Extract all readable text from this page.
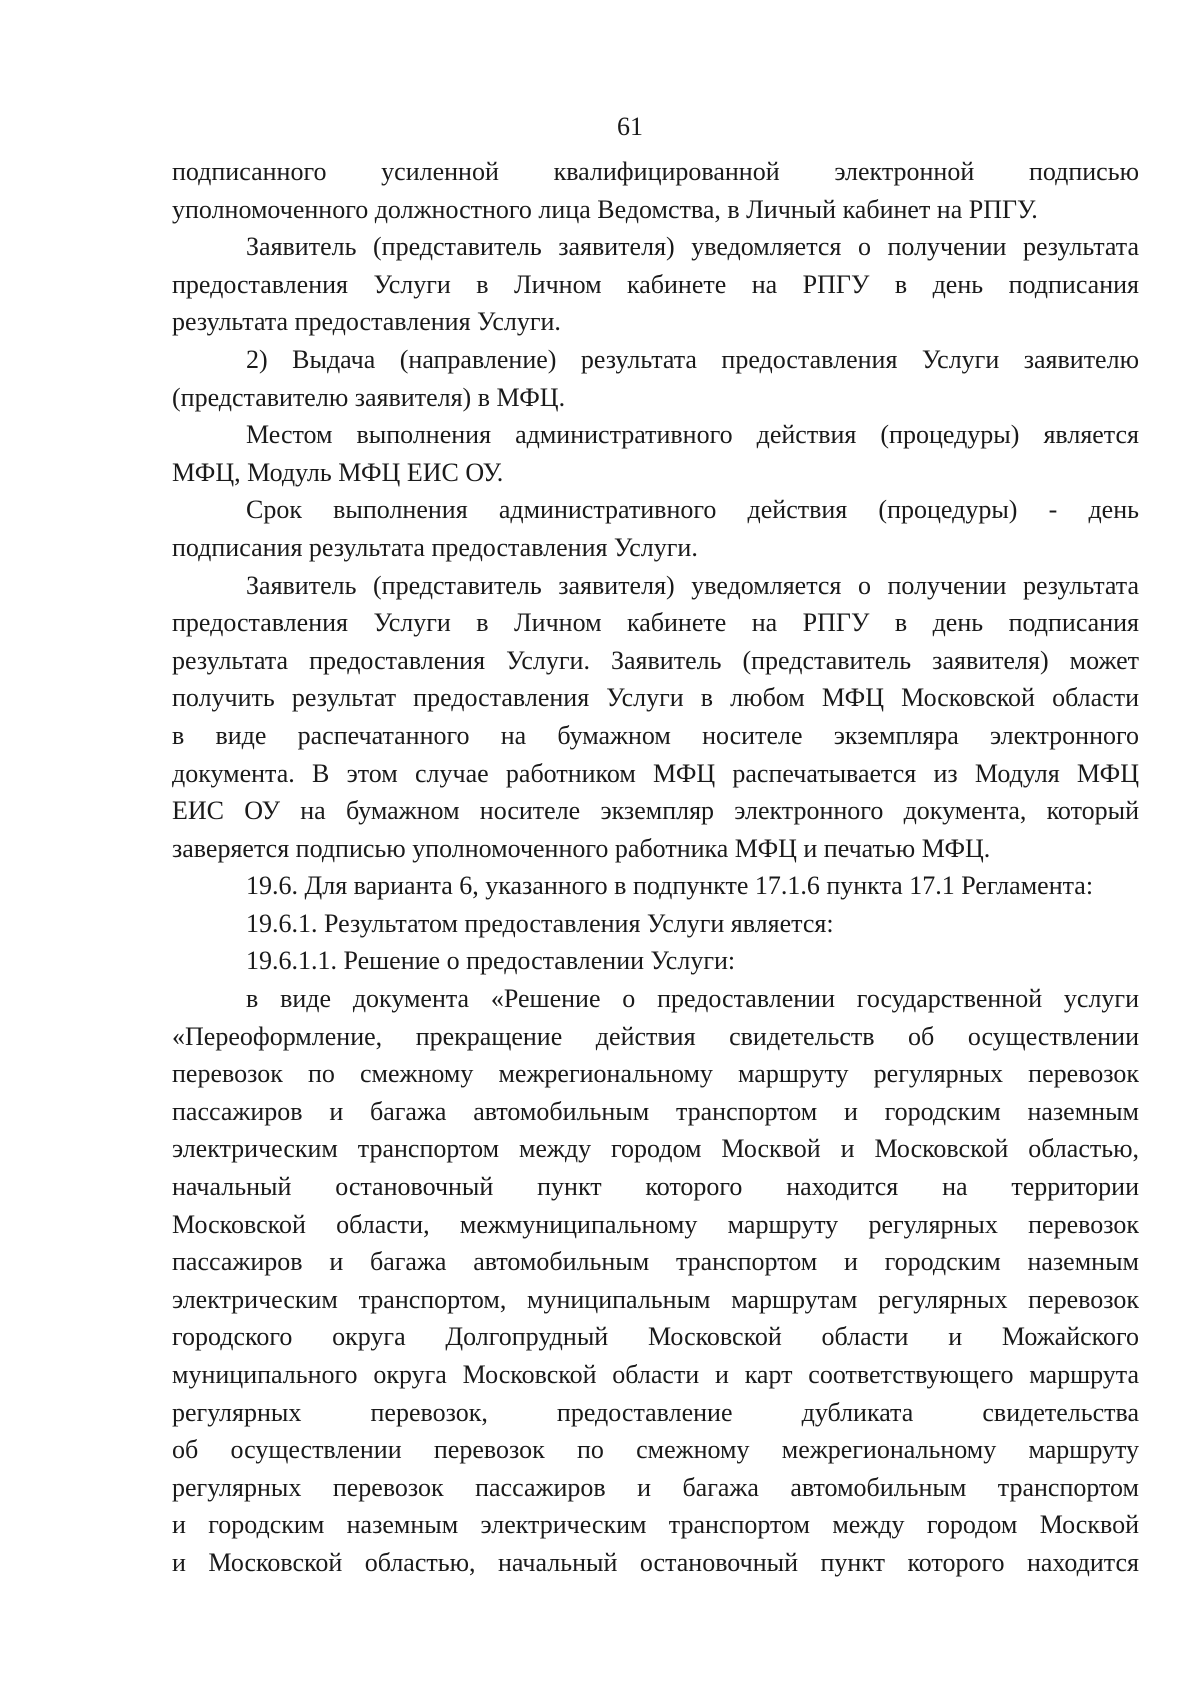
61
подписанного усиленной квалифицированной электронной подписью
уполномоченного должностного лица Ведомства, в Личный кабинет на РПГУ.
Заявитель (представитель заявителя) уведомляется о получении результата
предоставления Услуги в Личном кабинете на РПГУ в день подписания
результата предоставления Услуги.
2) Выдача (направление) результата предоставления Услуги заявителю
(представителю заявителя) в МФЦ.
Местом выполнения административного действия (процедуры) является
МФЦ, Модуль МФЦ ЕИС ОУ.
Срок выполнения административного действия (процедуры) - день
подписания результата предоставления Услуги.
Заявитель (представитель заявителя) уведомляется о получении результата
предоставления Услуги в Личном кабинете на РПГУ в день подписания
результата предоставления Услуги. Заявитель (представитель заявителя) может
получить результат предоставления Услуги в любом МФЦ Московской области
в виде распечатанного на бумажном носителе экземпляра электронного
документа. В этом случае работником МФЦ распечатывается из Модуля МФЦ
ЕИС ОУ на бумажном носителе экземпляр электронного документа, который
заверяется подписью уполномоченного работника МФЦ и печатью МФЦ.
19.6. Для варианта 6, указанного в подпункте 17.1.6 пункта 17.1 Регламента:
19.6.1. Результатом предоставления Услуги является:
19.6.1.1. Решение о предоставлении Услуги:
в виде документа «Решение о предоставлении государственной услуги
«Переоформление, прекращение действия свидетельств об осуществлении
перевозок по смежному межрегиональному маршруту регулярных перевозок
пассажиров и багажа автомобильным транспортом и городским наземным
электрическим транспортом между городом Москвой и Московской областью,
начальный остановочный пункт которого находится на территории
Московской области, межмуниципальному маршруту регулярных перевозок
пассажиров и багажа автомобильным транспортом и городским наземным
электрическим транспортом, муниципальным маршрутам регулярных перевозок
городского округа Долгопрудный Московской области и Можайского
муниципального округа Московской области и карт соответствующего маршрута
регулярных перевозок, предоставление дубликата свидетельства
об осуществлении перевозок по смежному межрегиональному маршруту
регулярных перевозок пассажиров и багажа автомобильным транспортом
и городским наземным электрическим транспортом между городом Москвой
и Московской областью, начальный остановочный пункт которого находится
